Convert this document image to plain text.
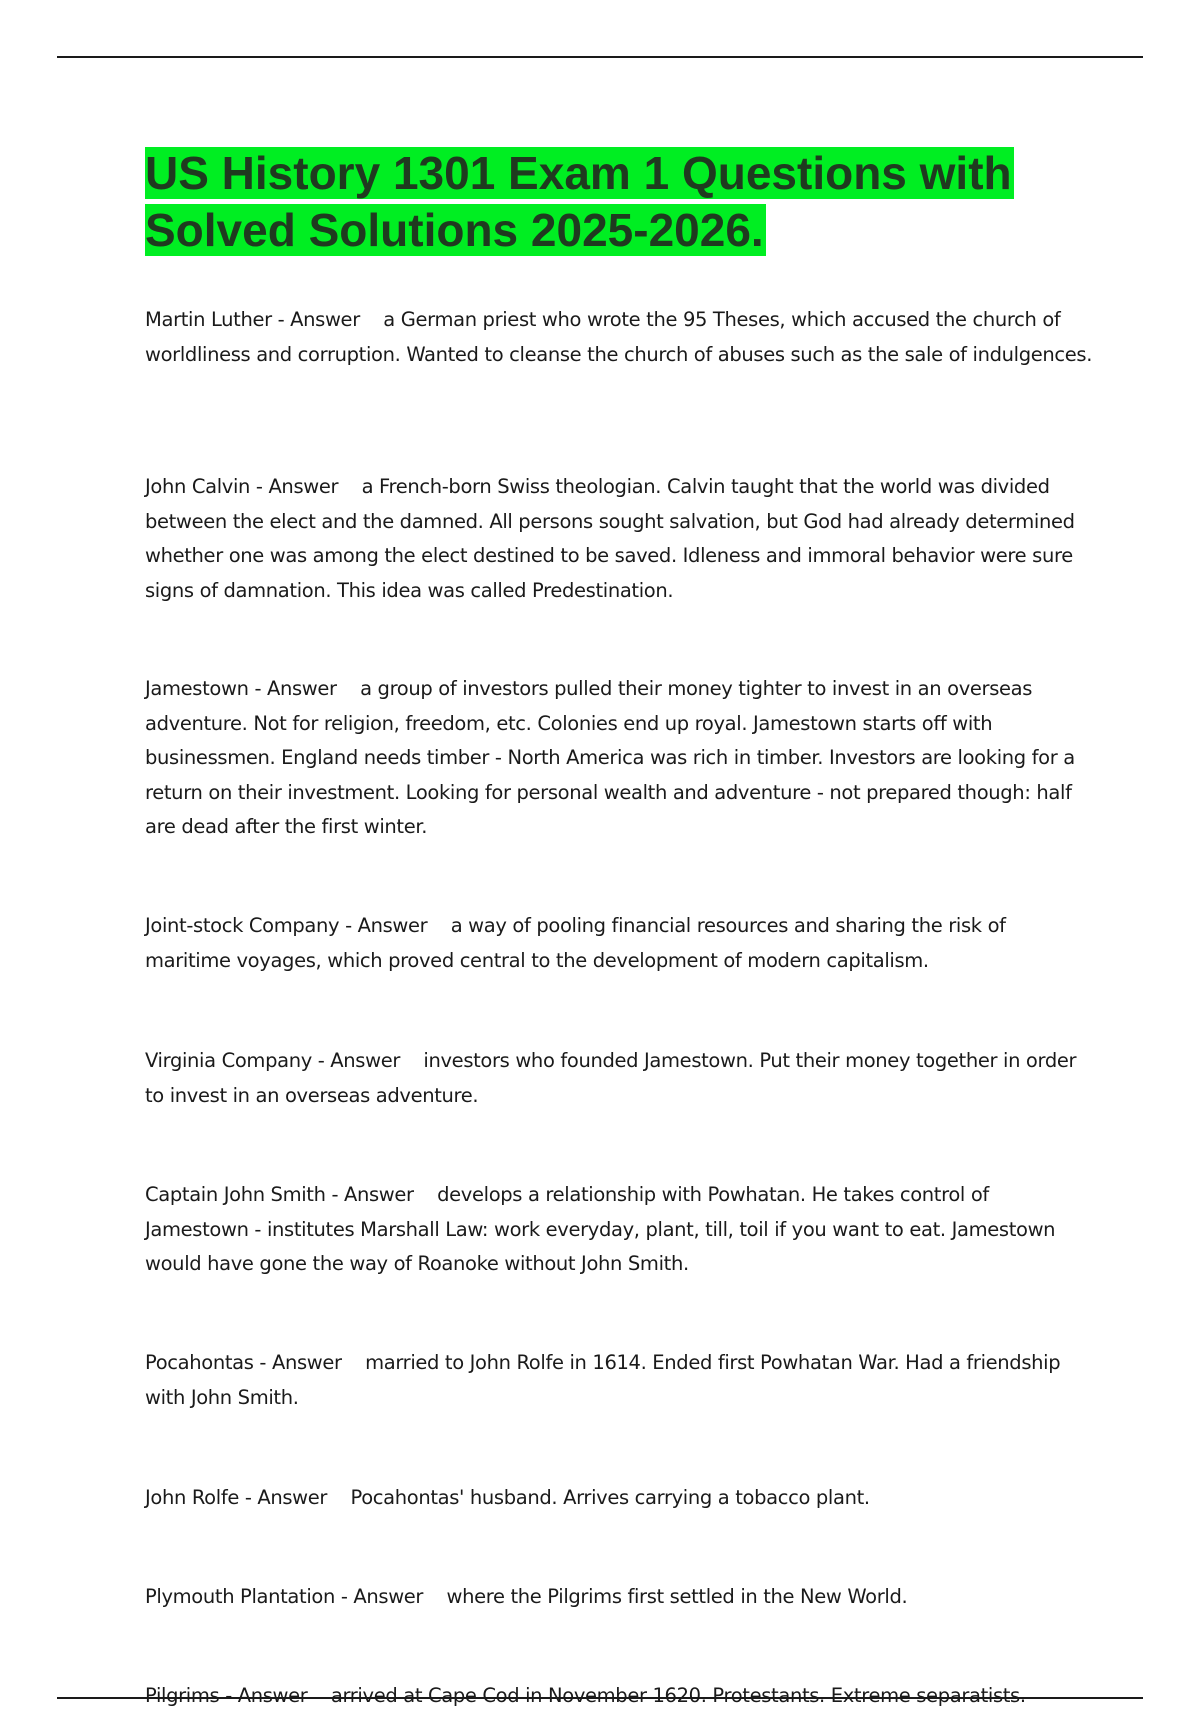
US History 1301 Exam 1 Questions with Solved Solutions 2025-2026.

Martin Luther - Answer    a German priest who wrote the 95 Theses, which accused the church of worldliness and corruption. Wanted to cleanse the church of abuses such as the sale of indulgences.

John Calvin - Answer    a French-born Swiss theologian. Calvin taught that the world was divided between the elect and the damned. All persons sought salvation, but God had already determined whether one was among the elect destined to be saved. Idleness and immoral behavior were sure signs of damnation. This idea was called Predestination.

Jamestown - Answer    a group of investors pulled their money tighter to invest in an overseas adventure. Not for religion, freedom, etc. Colonies end up royal. Jamestown starts off with businessmen. England needs timber - North America was rich in timber. Investors are looking for a return on their investment. Looking for personal wealth and adventure - not prepared though: half are dead after the first winter.

Joint-stock Company - Answer    a way of pooling financial resources and sharing the risk of maritime voyages, which proved central to the development of modern capitalism.

Virginia Company - Answer    investors who founded Jamestown. Put their money together in order to invest in an overseas adventure.

Captain John Smith - Answer    develops a relationship with Powhatan. He takes control of Jamestown - institutes Marshall Law: work everyday, plant, till, toil if you want to eat. Jamestown would have gone the way of Roanoke without John Smith.

Pocahontas - Answer    married to John Rolfe in 1614. Ended first Powhatan War. Had a friendship with John Smith.

John Rolfe - Answer    Pocahontas' husband. Arrives carrying a tobacco plant.

Plymouth Plantation - Answer    where the Pilgrims first settled in the New World.

Pilgrims - Answer    arrived at Cape Cod in November 1620. Protestants. Extreme separatists.
